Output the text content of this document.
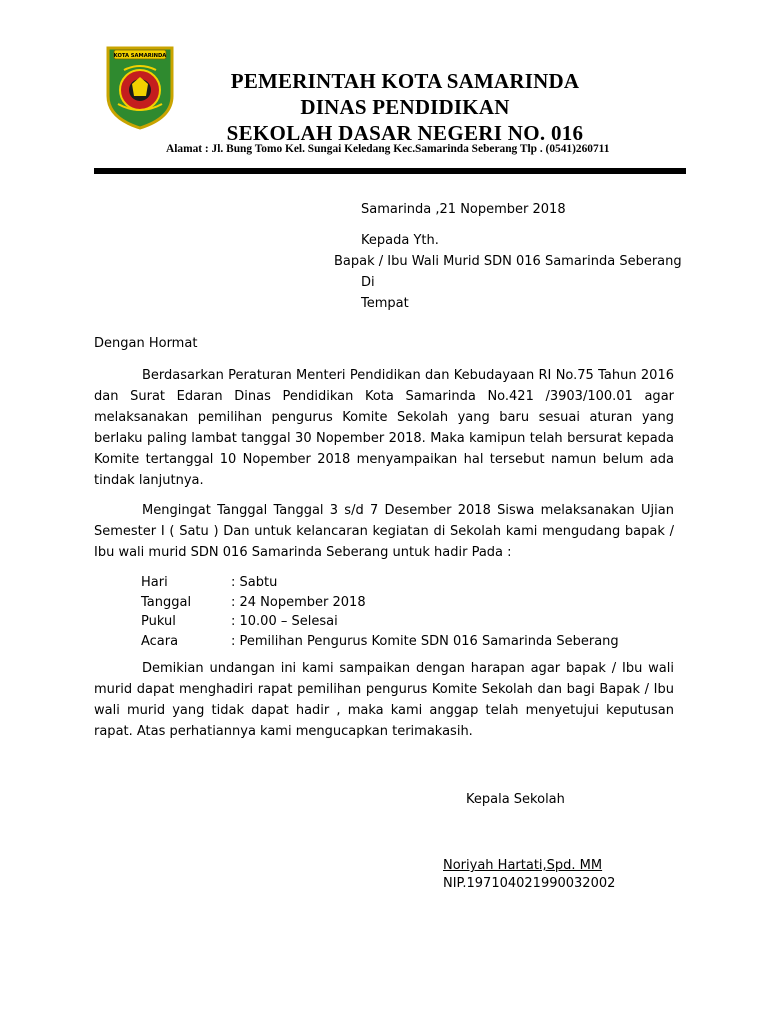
KOTA SAMARINDA
PEMERINTAH KOTA SAMARINDA
DINAS PENDIDIKAN
SEKOLAH DASAR NEGERI NO. 016
Alamat : Jl. Bung Tomo Kel. Sungai Keledang Kec.Samarinda Seberang Tlp . (0541)260711
Samarinda ,21 Nopember 2018
Kepada Yth.
Bapak / Ibu Wali Murid SDN 016 Samarinda Seberang
Di
Tempat
Dengan Hormat
Berdasarkan Peraturan Menteri Pendidikan dan Kebudayaan RI No.75 Tahun 2016 dan Surat Edaran Dinas Pendidikan Kota Samarinda No.421 /3903/100.01 agar melaksanakan pemilihan pengurus Komite Sekolah yang baru sesuai aturan yang berlaku paling lambat tanggal 30 Nopember 2018. Maka kamipun telah bersurat kepada Komite tertanggal 10 Nopember 2018 menyampaikan hal tersebut namun belum ada tindak lanjutnya.
Mengingat Tanggal Tanggal 3 s/d 7 Desember 2018 Siswa melaksanakan Ujian Semester I ( Satu ) Dan untuk kelancaran kegiatan di Sekolah kami mengudang bapak / Ibu wali murid SDN 016 Samarinda Seberang untuk hadir Pada :
Hari	: Sabtu
Tanggal	: 24 Nopember 2018
Pukul	: 10.00 – Selesai
Acara	: Pemilihan Pengurus Komite SDN 016 Samarinda Seberang
Demikian undangan ini kami sampaikan dengan harapan agar bapak / Ibu wali murid dapat menghadiri rapat pemilihan pengurus Komite Sekolah dan bagi Bapak / Ibu wali murid yang tidak dapat hadir , maka kami anggap telah menyetujui keputusan rapat. Atas perhatiannya kami mengucapkan terimakasih.
Kepala Sekolah
Noriyah Hartati,Spd. MM
NIP.197104021990032002
